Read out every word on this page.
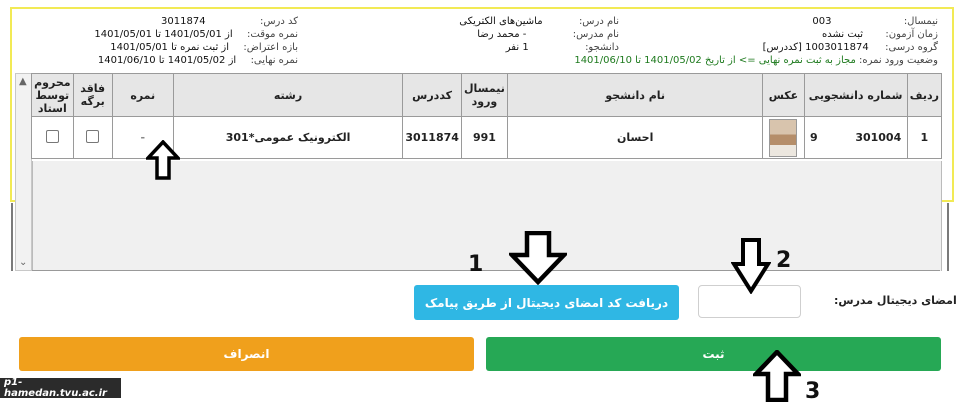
نیمسال:  003
زمان آزمون:  ثبت نشده
گروه درسی:  1003011874 [کددرس]
وضعیت ورود نمره: مجاز به ثبت نمره نهایی => از تاریخ 1401/05/02 تا 1401/06/10
نام درس:  ماشین‌های الکتریکی
نام مدرس:  - محمد رضا
دانشجو:  1 نفر
کد درس:  3011874
نمره موقت:  از 1401/05/01 تا 1401/05/01
بازه اعتراض:  از ثبت نمره تا 1401/05/01
نمره نهایی:  از 1401/05/02 تا 1401/06/10
▲
⌄
ردیف	شماره دانشجویی	عکس	نام دانشجو	نیمسال ورود	کددرس	رشته	نمره	فاقد برگه	محروم توسط استاد
1	301004  9		احسان	991	3011874	الکترونیک عمومی*301	-		
امضای دیجیتال مدرس:
دریافت کد امضای دیجیتال از طریق پیامک
ثبت
انصراف
1	2
3
p1-hamedan.tvu.ac.ir
